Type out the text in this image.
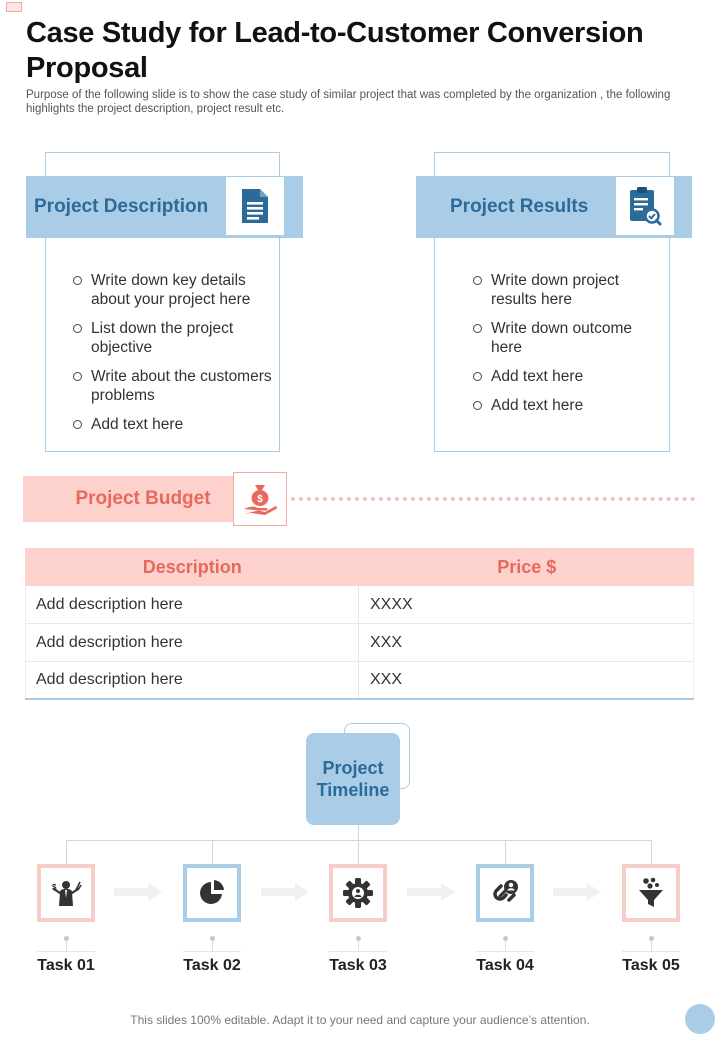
Case Study for Lead-to-Customer Conversion Proposal

Purpose of the following slide is to show the case study of similar project that was completed by the organization , the following highlights the project description, project result etc.

Project Description
Write down key details about your project here
List down the project objective
Write about the customers problems
Add text here
Project Results
Write down project results here
Write down outcome here
Add text here
Add text here
Project Budget	$
Description	Price $
Add description here	XXXX
Add description here	XXX
Add description here	XXX
Project
Timeline
$
Task 01	Task 02	Task 03	Task 04	Task 05

This slides 100% editable. Adapt it to your need and capture your audience’s attention.
